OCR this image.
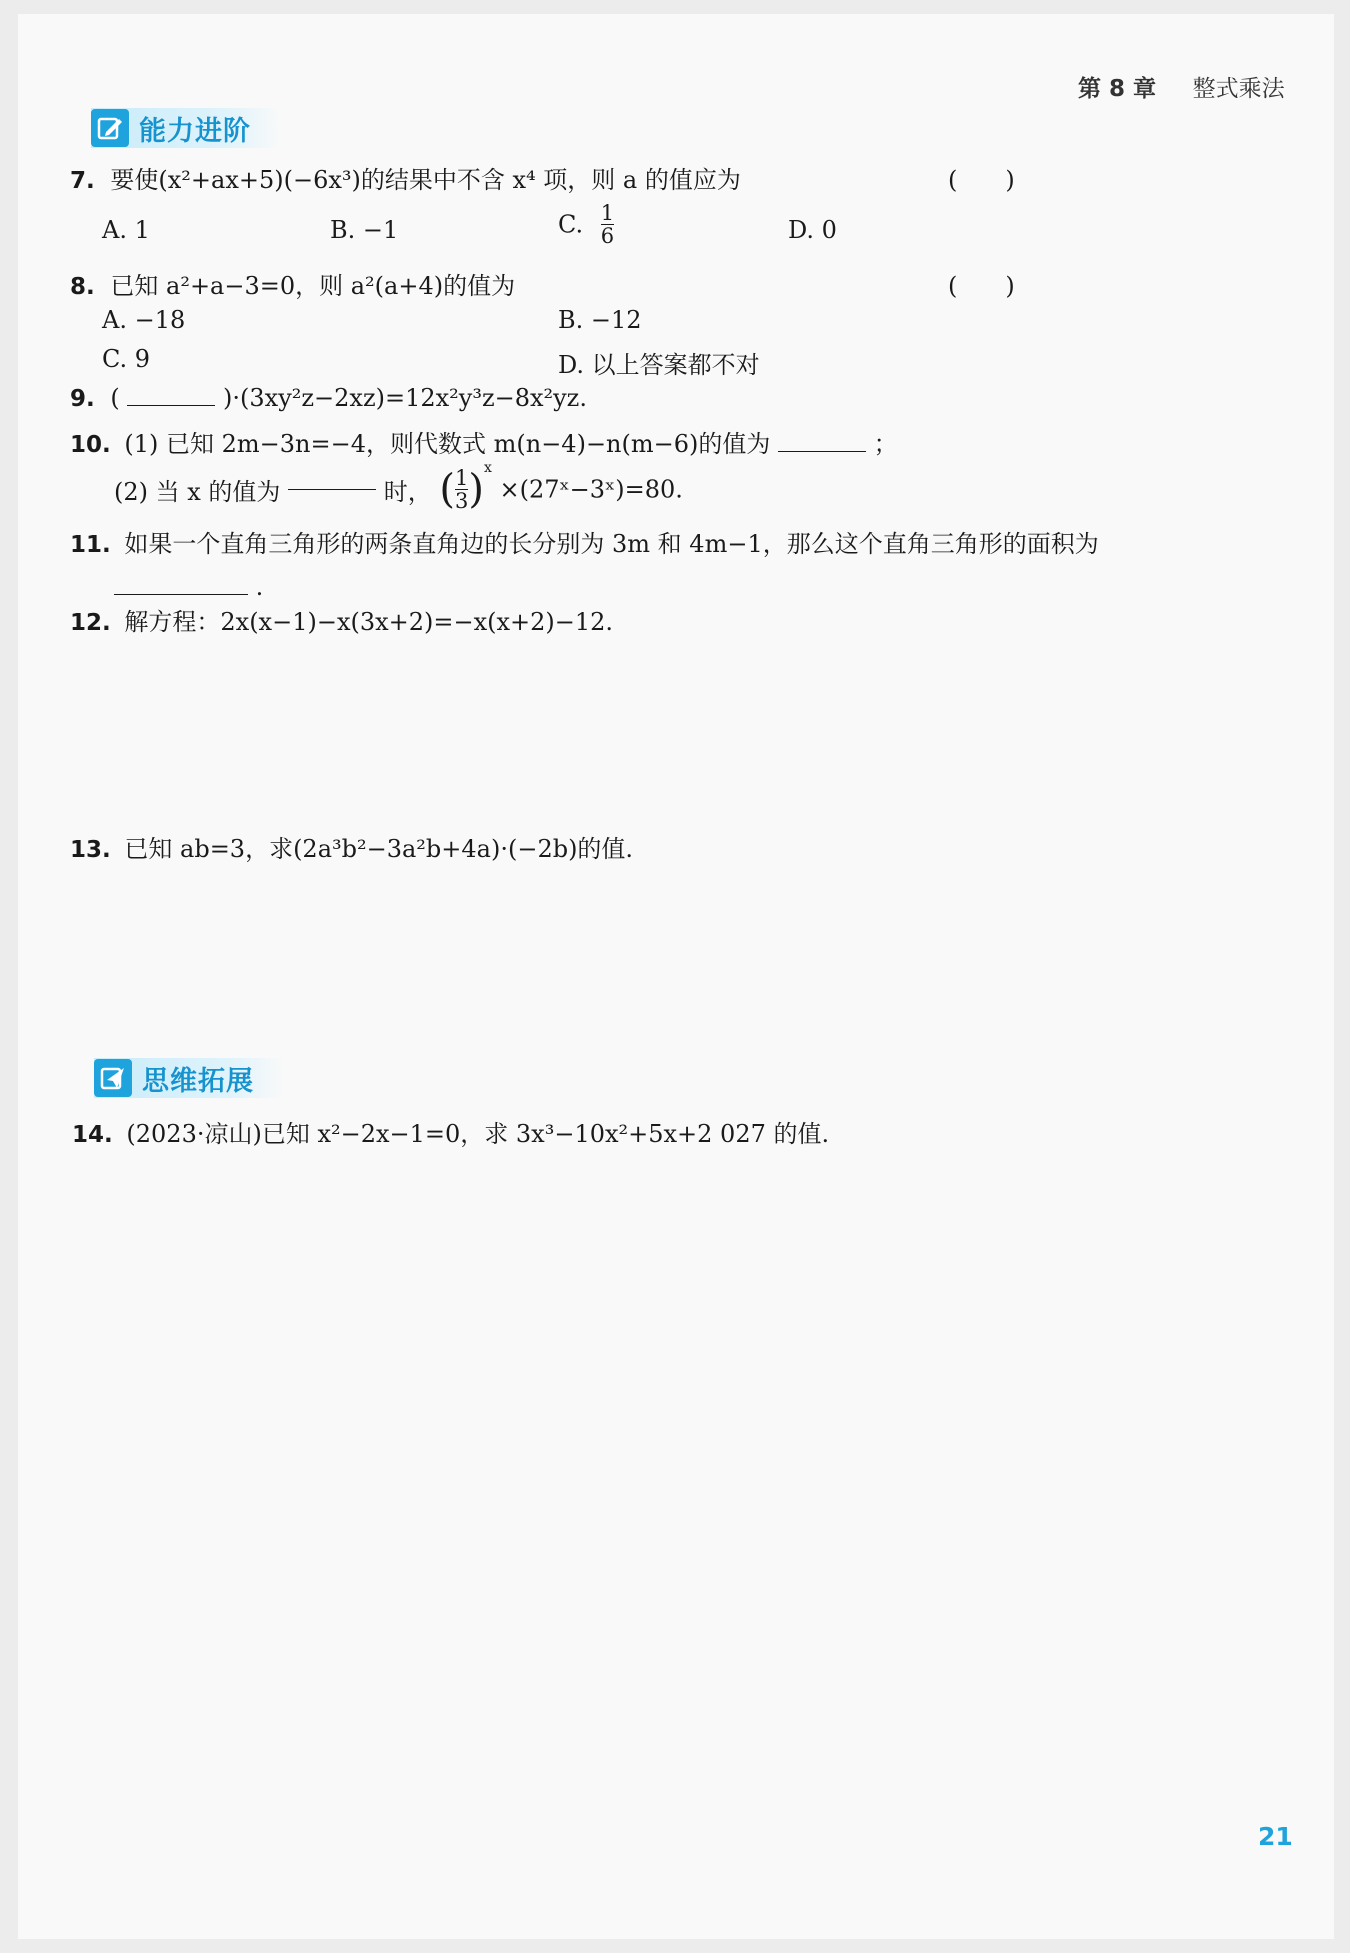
第 8 章 整式乘法
能力进阶
7. 要使(x²+ax+5)(−6x³)的结果中不含 x⁴ 项，则 a 的值应为	(　　)
A. 1	B. −1	C. $\frac{1}{6}$	D. 0
8. 已知 a²+a−3=0，则 a²(a+4)的值为	(　　)
A. −18	B. −12
C. 9	D. 以上答案都不对
9. (	)·(3xy²z−2xz)=12x²y³z−8x²yz.
10. (1) 已知 2m−3n=−4，则代数式 m(n−4)−n(m−6)的值为	；
(2) 当 x 的值为	时， ( $\frac{1}{3} )^x$ ×(27ˣ−3ˣ)=80.
11. 如果一个直角三角形的两条直角边的长分别为 3m 和 4m−1，那么这个直角三角形的面积为
.
12. 解方程：2x(x−1)−x(3x+2)=−x(x+2)−12.
13. 已知 ab=3，求(2a³b²−3a²b+4a)·(−2b)的值.
思维拓展
14. (2023·凉山)已知 x²−2x−1=0，求 3x³−10x²+5x+2 027 的值.
21
